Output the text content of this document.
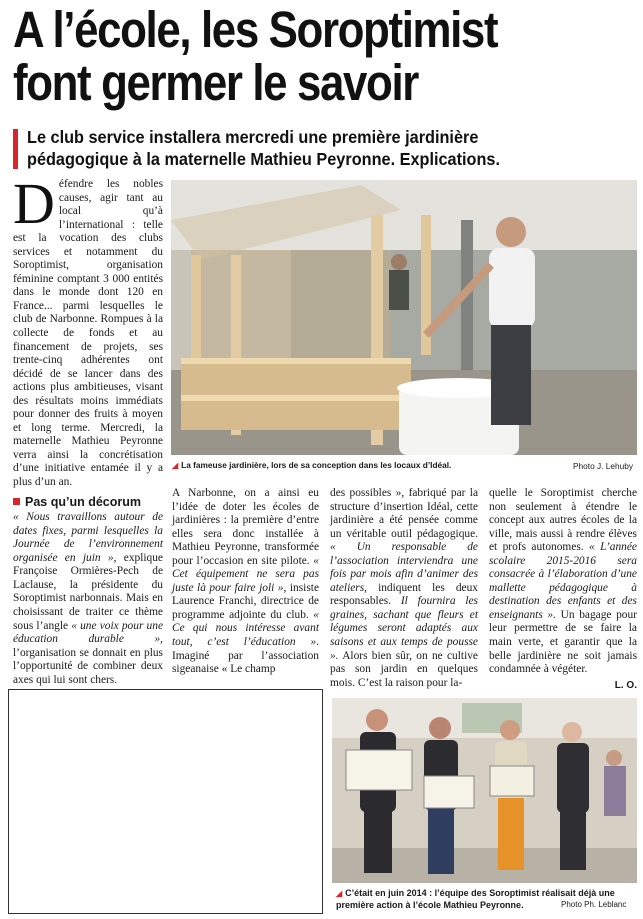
A l’école, les Soroptimist
font germer le savoir
Le club service installera mercredi une première jardinière
pédagogique à la maternelle Mathieu Peyronne. Explications.

Défendre les nobles causes, agir tant au local qu’à l’international : telle est la vocation des clubs services et notamment du Soroptimist, organisation féminine comptant 3 000 entités dans le monde dont 120 en France... parmi lesquelles le club de Narbonne. Rompues à la collecte de fonds et au financement de projets, ses trente-cinq adhérentes ont décidé de se lancer dans des actions plus ambitieuses, visant des résultats moins immédiats pour donner des fruits à moyen et long terme. Mercredi, la maternelle Mathieu Peyronne verra ainsi la concrétisation d’une initiative entamée il y a plus d’un an.

Pas qu’un décorum

« Nous travaillons autour de dates fixes, parmi lesquelles la Journée de l’environnement organisée en juin », explique Françoise Ormières-Pech de Laclause, la présidente du Soroptimist narbonnais. Mais en choisissant de traiter ce thème sous l’angle « une voix pour une éducation durable », l’organisation se donnait en plus l’opportunité de combiner deux axes qui lui sont chers.

◢ La fameuse jardinière, lors de sa conception dans les locaux d’Idéal.	Photo J. Lehuby

A Narbonne, on a ainsi eu l’idée de doter les écoles de jardinières : la première d’entre elles sera donc installée à Mathieu Peyronne, transformée pour l’occasion en site pilote. « Cet équipement ne sera pas juste là pour faire joli », insiste Laurence Franchi, directrice de programme adjointe du club. « Ce qui nous intéresse avant tout, c’est l’éducation ». Imaginé par l’association sigeanaise « Le champ

des possibles », fabriqué par la structure d’insertion Idéal, cette jardinière a été pensée comme un véritable outil pédagogique. « Un responsable de l’association interviendra une fois par mois afin d’animer des ateliers, indiquent les deux responsables. Il fournira les graines, sachant que fleurs et légumes seront adaptés aux saisons et aux temps de pousse ». Alors bien sûr, on ne cultive pas son jardin en quelques mois. C’est la raison pour la-

quelle le Soroptimist cherche non seulement à étendre le concept aux autres écoles de la ville, mais aussi à rendre élèves et profs autonomes. « L’année scolaire 2015-2016 sera consacrée à l’élaboration d’une mallette pédagogique à destination des enfants et des enseignants ». Un bagage pour leur permettre de se faire la main verte, et garantir que la belle jardinière ne soit jamais condamnée à végéter.

L. O.
◢ C’était en juin 2014 : l’équipe des Soroptimist réalisait déjà une première action à l’école Mathieu Peyronne.	Photo Ph. Leblanc
